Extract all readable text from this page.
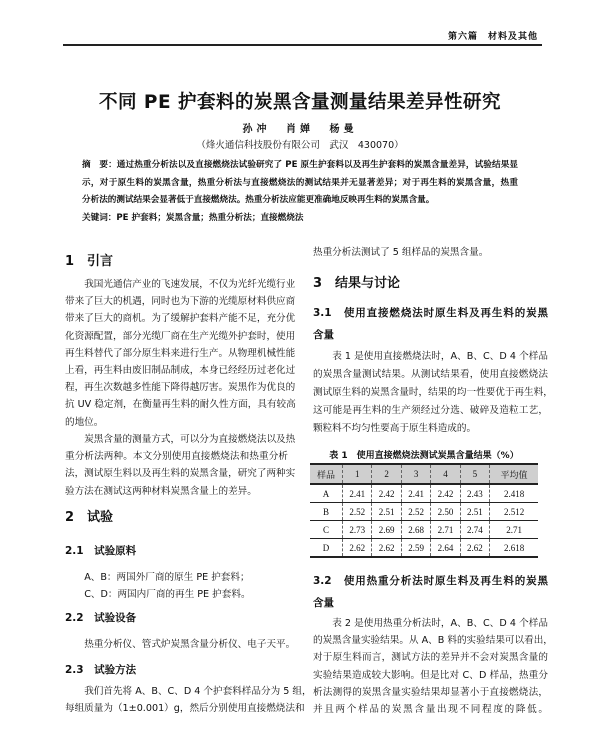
第六篇　材料及其他
不同 PE 护套料的炭黑含量测量结果差异性研究
孙冲 肖婵 杨曼
（烽火通信科技股份有限公司　武汉　430070）
摘　要：通过热重分析法以及直接燃烧法试验研究了 PE 原生护套料以及再生护套料的炭黑含量差异，试验结果显
示，对于原生料的炭黑含量，热重分析法与直接燃烧法的测试结果并无显著差异；对于再生料的炭黑含量，热重
分析法的测试结果会显著低于直接燃烧法。热重分析法应能更准确地反映再生料的炭黑含量。
关键词：PE 护套料；炭黑含量；热重分析法；直接燃烧法
1　引言
我国光通信产业的飞速发展，不仅为光纤光缆行业
带来了巨大的机遇，同时也为下游的光缆原材料供应商
带来了巨大的商机。为了缓解护套料产能不足，充分优
化资源配置，部分光缆厂商在生产光缆外护套时，使用
再生料替代了部分原生料来进行生产。从物理机械性能
上看，再生料由废旧制品制成，本身已经经历过老化过
程，再生次数越多性能下降得越厉害。炭黑作为优良的
抗 UV 稳定剂，在衡量再生料的耐久性方面，具有较高
的地位。
炭黑含量的测量方式，可以分为直接燃烧法以及热
重分析法两种。本文分别使用直接燃烧法和热重分析
法，测试原生料以及再生料的炭黑含量，研究了两种实
验方法在测试这两种材料炭黑含量上的差异。
2　试验
2.1　试验原料
A、B：两国外厂商的原生 PE 护套料；
C、D：两国内厂商的再生 PE 护套料。
2.2　试验设备
热重分析仪、管式炉炭黑含量分析仪、电子天平。
2.3　试验方法
我们首先将 A、B、C、D 4 个护套料样品分为 5 组，
每组质量为（1±0.001）g，然后分别使用直接燃烧法和
热重分析法测试了 5 组样品的炭黑含量。
3　结果与讨论
3.1　使用直接燃烧法时原生料及再生料的炭黑
含量
表 1 是使用直接燃烧法时，A、B、C、D 4 个样品
的炭黑含量测试结果。从测试结果看，使用直接燃烧法
测试原生料的炭黑含量时，结果的均一性要优于再生料，
这可能是再生料的生产须经过分选、破碎及造粒工艺，
颗粒料不均匀性要高于原生料造成的。
表 1　使用直接燃烧法测试炭黑含量结果（%）
样品	1	2	3	4	5	平均值
A	2.41	2.42	2.41	2.42	2.43	2.418
B	2.52	2.51	2.52	2.50	2.51	2.512
C	2.73	2.69	2.68	2.71	2.74	2.71
D	2.62	2.62	2.59	2.64	2.62	2.618
3.2　使用热重分析法时原生料及再生料的炭黑
含量
表 2 是使用热重分析法时，A、B、C、D 4 个样品
的炭黑含量实验结果。从 A、B 料的实验结果可以看出，
对于原生料而言，测试方法的差异并不会对炭黑含量的
实验结果造成较大影响。但是比对 C、D 样品，热重分
析法测得的炭黑含量实验结果却显著小于直接燃烧法，
并且两个样品的炭黑含量出现不同程度的降低。
